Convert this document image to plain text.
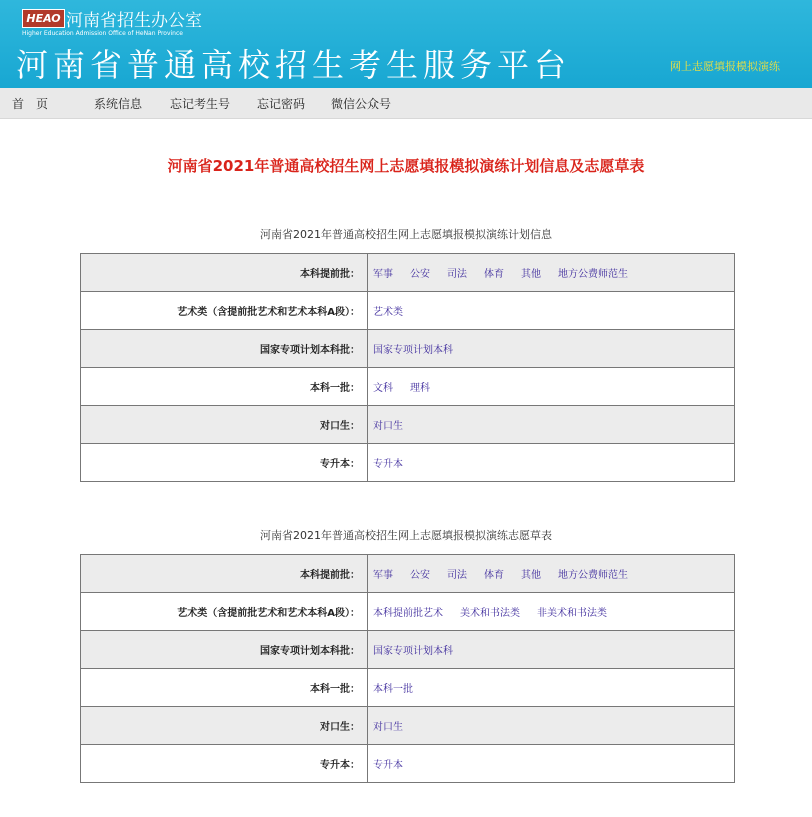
HEAO 河南省招生办公室
Higher Education Admission Office of HeNan Province
河南省普通高校招生考生服务平台	网上志愿填报模拟演练
首　页	系统信息 忘记考生号 忘记密码 微信公众号
河南省2021年普通高校招生网上志愿填报模拟演练计划信息及志愿草表
河南省2021年普通高校招生网上志愿填报模拟演练计划信息
本科提前批：	军事 公安 司法 体育 其他 地方公费师范生
艺术类（含提前批艺术和艺术本科A段）：	艺术类
国家专项计划本科批：	国家专项计划本科
本科一批：	文科 理科
对口生：	对口生
专升本：	专升本
河南省2021年普通高校招生网上志愿填报模拟演练志愿草表
本科提前批：	军事 公安 司法 体育 其他 地方公费师范生
艺术类（含提前批艺术和艺术本科A段）：	本科提前批艺术 美术和书法类 非美术和书法类
国家专项计划本科批：	国家专项计划本科
本科一批：	本科一批
对口生：	对口生
专升本：	专升本
